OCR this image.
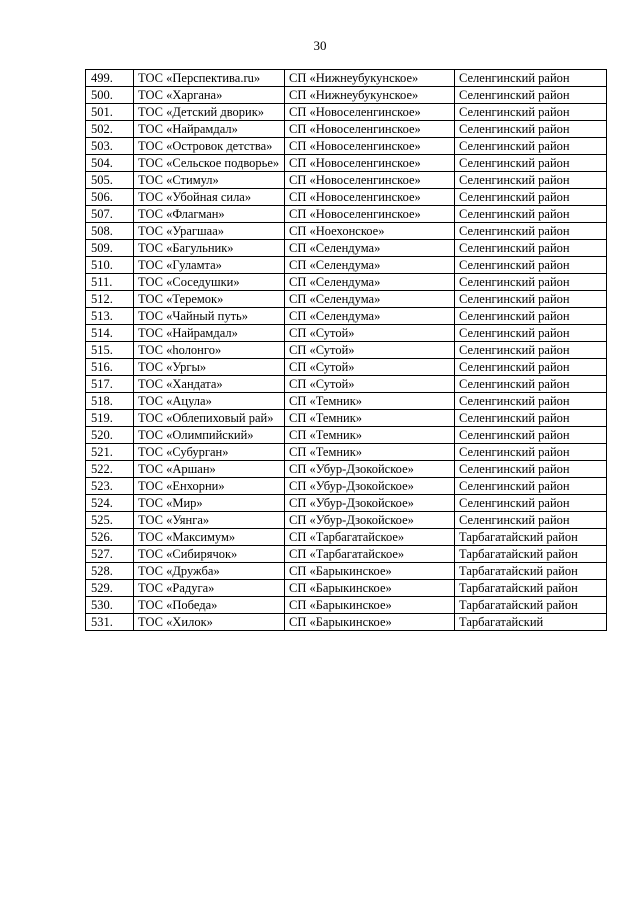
30
499.	ТОС «Перспектива.ru»	СП «Нижнеубукунское»	Селенгинский район
500.	ТОС «Харгана»	СП «Нижнеубукунское»	Селенгинский район
501.	ТОС «Детский дворик»	СП «Новоселенгинское»	Селенгинский район
502.	ТОС «Найрамдал»	СП «Новоселенгинское»	Селенгинский район
503.	ТОС «Островок детства»	СП «Новоселенгинское»	Селенгинский район
504.	ТОС «Сельское подворье»	СП «Новоселенгинское»	Селенгинский район
505.	ТОС «Стимул»	СП «Новоселенгинское»	Селенгинский район
506.	ТОС «Убойная сила»	СП «Новоселенгинское»	Селенгинский район
507.	ТОС «Флагман»	СП «Новоселенгинское»	Селенгинский район
508.	ТОС «Урагшаа»	СП «Ноехонское»	Селенгинский район
509.	ТОС «Багульник»	СП «Селендума»	Селенгинский район
510.	ТОС «Гуламта»	СП «Селендума»	Селенгинский район
511.	ТОС «Соседушки»	СП «Селендума»	Селенгинский район
512.	ТОС «Теремок»	СП «Селендума»	Селенгинский район
513.	ТОС «Чайный путь»	СП «Селендума»	Селенгинский район
514.	ТОС «Найрамдал»	СП «Сутой»	Селенгинский район
515.	ТОС «һолонго»	СП «Сутой»	Селенгинский район
516.	ТОС «Ургы»	СП «Сутой»	Селенгинский район
517.	ТОС «Хандата»	СП «Сутой»	Селенгинский район
518.	ТОС «Ацула»	СП «Темник»	Селенгинский район
519.	ТОС «Облепиховый рай»	СП «Темник»	Селенгинский район
520.	ТОС «Олимпийский»	СП «Темник»	Селенгинский район
521.	ТОС «Субурган»	СП «Темник»	Селенгинский район
522.	ТОС «Аршан»	СП «Убур-Дзокойское»	Селенгинский район
523.	ТОС «Енхорни»	СП «Убур-Дзокойское»	Селенгинский район
524.	ТОС «Мир»	СП «Убур-Дзокойское»	Селенгинский район
525.	ТОС «Уянга»	СП «Убур-Дзокойское»	Селенгинский район
526.	ТОС «Максимум»	СП «Тарбагатайское»	Тарбагатайский район
527.	ТОС «Сибирячок»	СП «Тарбагатайское»	Тарбагатайский район
528.	ТОС «Дружба»	СП «Барыкинское»	Тарбагатайский район
529.	ТОС «Радуга»	СП «Барыкинское»	Тарбагатайский район
530.	ТОС «Победа»	СП «Барыкинское»	Тарбагатайский район
531.	ТОС «Хилок»	СП «Барыкинское»	Тарбагатайский
